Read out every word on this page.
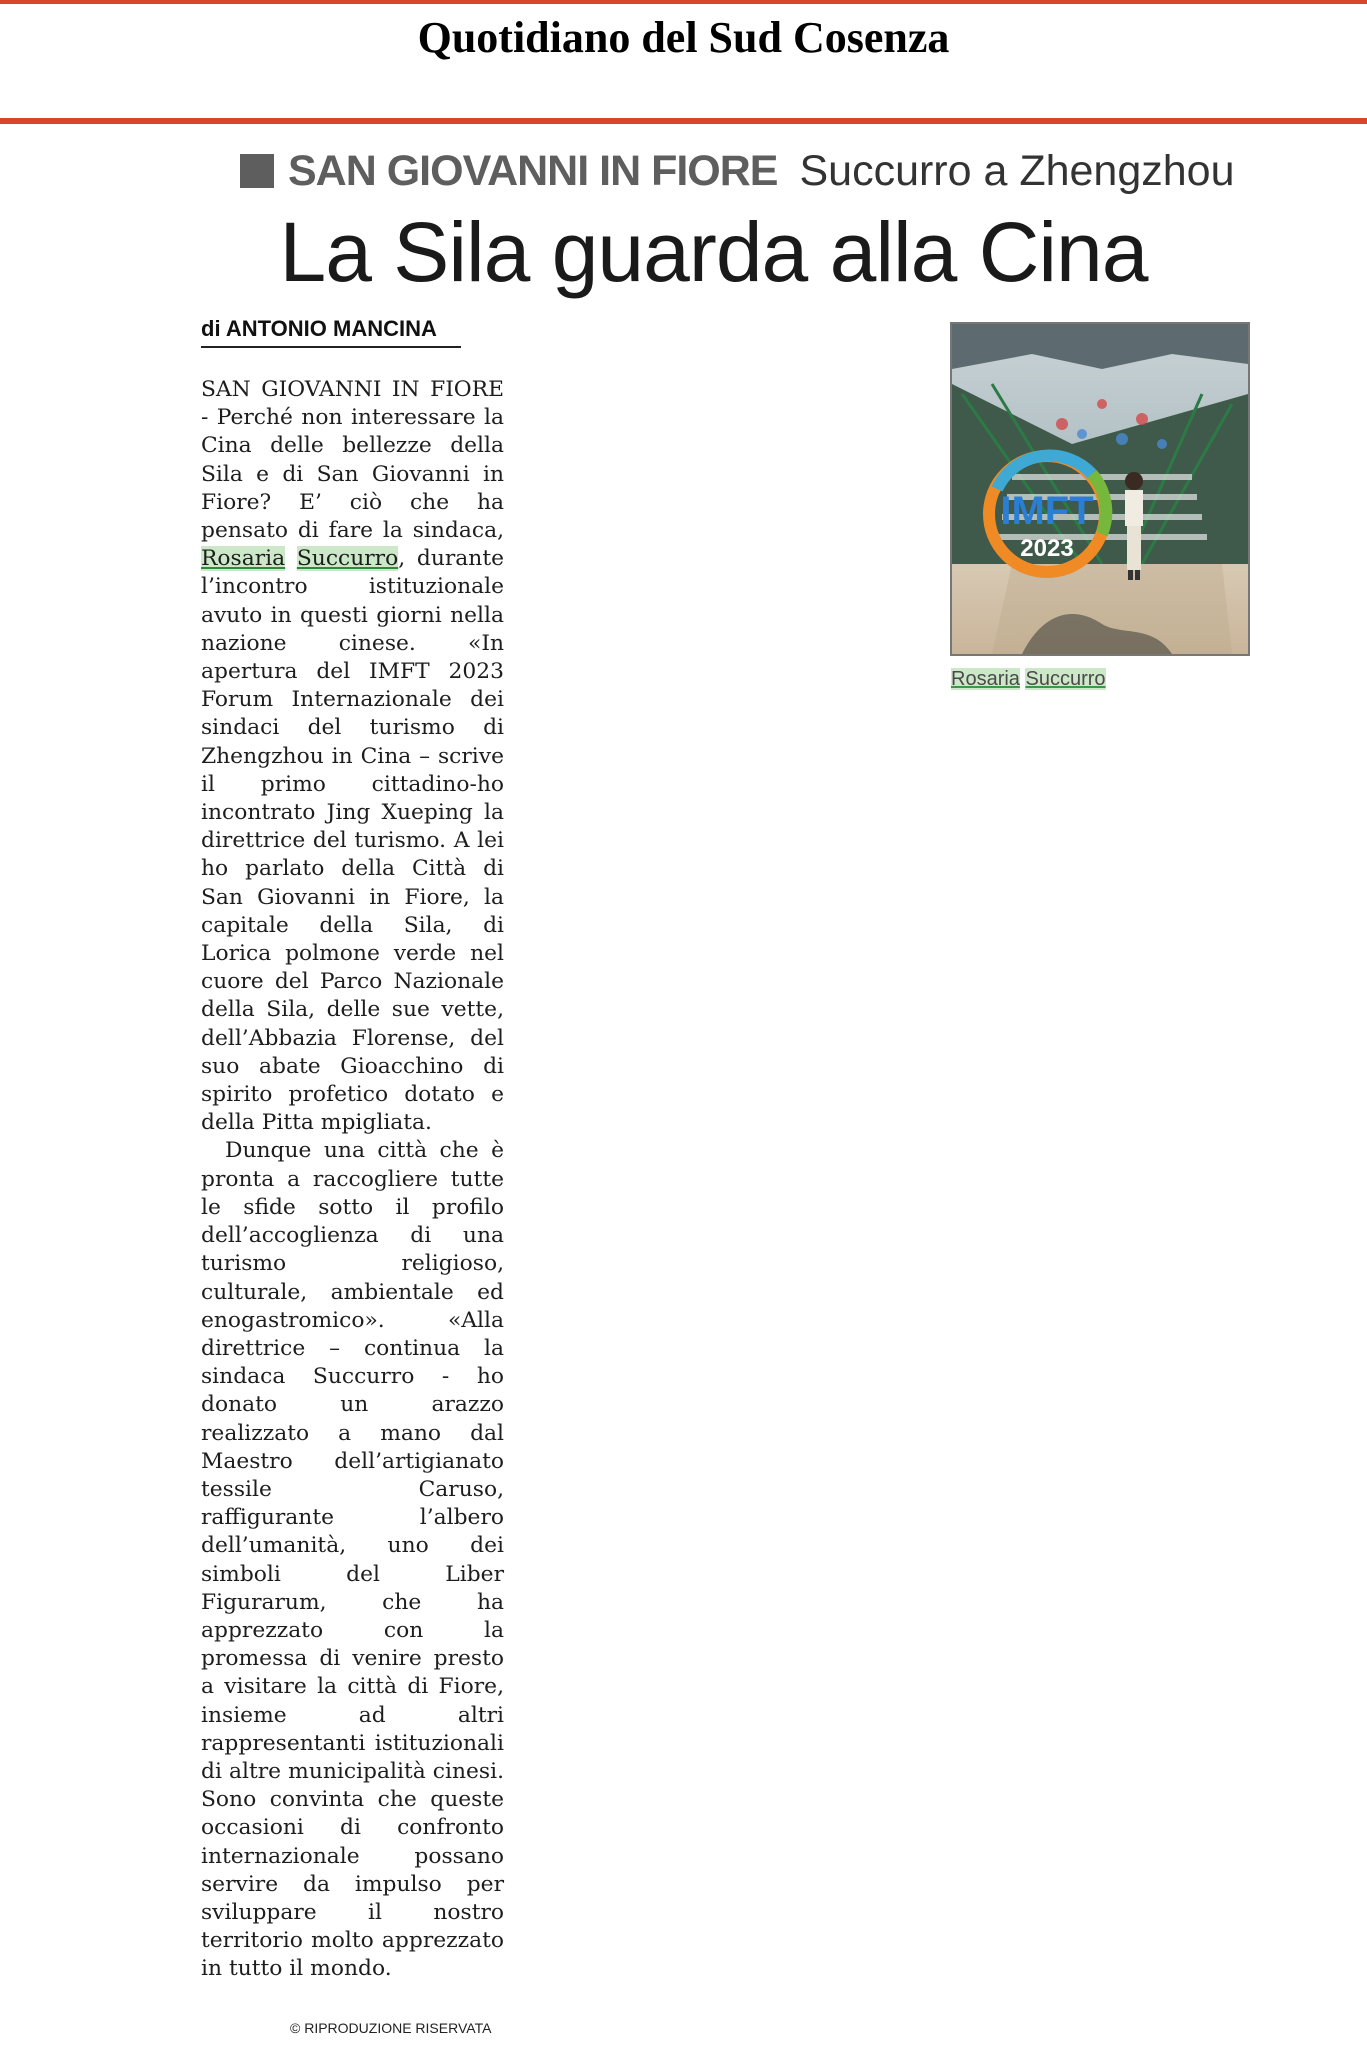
Quotidiano del Sud Cosenza
SAN GIOVANNI IN FIORE Succurro a Zhengzhou
La Sila guarda alla Cina
di ANTONIO MANCINA

SAN GIOVANNI IN FIORE - Perché non interessare la Cina delle bellezze della Sila e di San Giovanni in Fiore? E’ ciò che ha pensato di fare la sindaca, Rosaria Succurro, durante l’incontro istituzionale avuto in questi giorni nella nazione cinese. «In apertura del IMFT 2023 Forum Internazionale dei sindaci del turismo di Zhengzhou in Cina – scrive il primo cittadino-ho incontrato Jing Xueping la direttrice del turismo. A lei ho parlato della Città di San Giovanni in Fiore, la capitale della Sila, di Lorica polmone verde nel cuore del Parco Nazionale della Sila, delle sue vette, dell’Abbazia Florense, del suo abate Gioacchino di spirito profetico dotato e della Pitta mpigliata.

Dunque una città che è pronta a raccogliere tutte le sfide sotto il profilo dell’accoglienza di una turismo religioso, culturale, ambientale ed enogastromico». «Alla direttrice – continua la sindaca Succurro - ho donato un arazzo realizzato a mano dal Maestro dell’artigianato tessile Caruso, raffigurante l’albero dell’umanità, uno dei simboli del Liber Figurarum, che ha apprezzato con la promessa di venire presto a visitare la città di Fiore, insieme ad altri rappresentanti istituzionali di altre municipalità cinesi. Sono convinta che queste occasioni di confronto internazionale possano servire da impulso per sviluppare il nostro territorio molto apprezzato in tutto il mondo.

IMFT
2023
Rosaria Succurro
© RIPRODUZIONE RISERVATA
